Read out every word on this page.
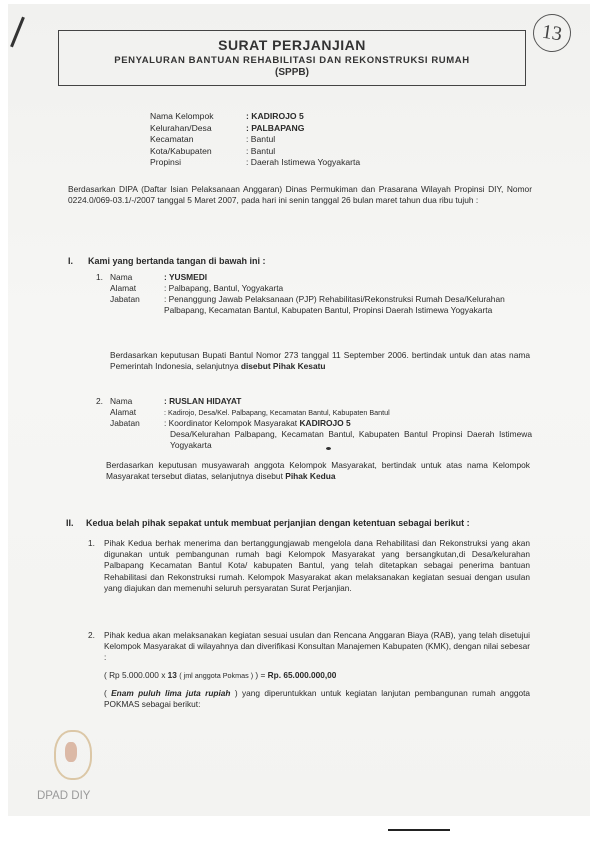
13
SURAT PERJANJIAN
PENYALURAN BANTUAN REHABILITASI DAN REKONSTRUKSI RUMAH
(SPPB)
Nama Kelompok	: KADIROJO 5
Kelurahan/Desa	: PALBAPANG
Kecamatan	: Bantul
Kota/Kabupaten	: Bantul
Propinsi	: Daerah Istimewa Yogyakarta
Berdasarkan DIPA (Daftar Isian Pelaksanaan Anggaran) Dinas Permukiman dan Prasarana Wilayah Propinsi DIY, Nomor 0224.0/069-03.1/-/2007 tanggal 5 Maret 2007, pada hari ini senin tanggal 26 bulan maret tahun dua ribu tujuh :
I. Kami yang bertanda tangan di bawah ini :
1. Nama	: YUSMEDI
Alamat	: Palbapang, Bantul, Yogyakarta
Jabatan	: Penanggung Jawab Pelaksanaan (PJP) Rehabilitasi/Rekonstruksi Rumah Desa/Kelurahan Palbapang, Kecamatan Bantul, Kabupaten Bantul, Propinsi Daerah Istimewa Yogyakarta
Berdasarkan keputusan Bupati Bantul Nomor 273 tanggal 11 September 2006. bertindak untuk dan atas nama Pemerintah Indonesia, selanjutnya disebut Pihak Kesatu
2. Nama	: RUSLAN HIDAYAT
Alamat	: Kadirojo, Desa/Kel. Palbapang, Kecamatan Bantul, Kabupaten Bantul
Jabatan	: Koordinator Kelompok Masyarakat KADIROJO 5
Desa/Kelurahan Palbapang, Kecamatan Bantul, Kabupaten Bantul Propinsi Daerah Istimewa Yogyakarta
Berdasarkan keputusan musyawarah anggota Kelompok Masyarakat, bertindak untuk atas nama Kelompok Masyarakat tersebut diatas, selanjutnya disebut Pihak Kedua
II. Kedua belah pihak sepakat untuk membuat perjanjian dengan ketentuan sebagai berikut :
1. Pihak Kedua berhak menerima dan bertanggungjawab mengelola dana Rehabilitasi dan Rekonstruksi yang akan digunakan untuk pembangunan rumah bagi Kelompok Masyarakat yang bersangkutan,di Desa/kelurahan Palbapang Kecamatan Bantul Kota/ kabupaten Bantul, yang telah ditetapkan sebagai penerima bantuan Rehabilitasi dan Rekonstruksi rumah. Kelompok Masyarakat akan melaksanakan kegiatan sesuai dengan usulan yang diajukan dan memenuhi seluruh persyaratan Surat Perjanjian.
2. Pihak kedua akan melaksanakan kegiatan sesuai usulan dan Rencana Anggaran Biaya (RAB), yang telah disetujui Kelompok Masyarakat di wilayahnya dan diverifikasi Konsultan Manajemen Kabupaten (KMK), dengan nilai sebesar :
( Rp 5.000.000 x 13 ( jml anggota Pokmas ) ) = Rp. 65.000.000,00
( Enam puluh lima juta rupiah ) yang diperuntukkan untuk kegiatan lanjutan pembangunan rumah anggota POKMAS sebagai berikut:
DPAD DIY
